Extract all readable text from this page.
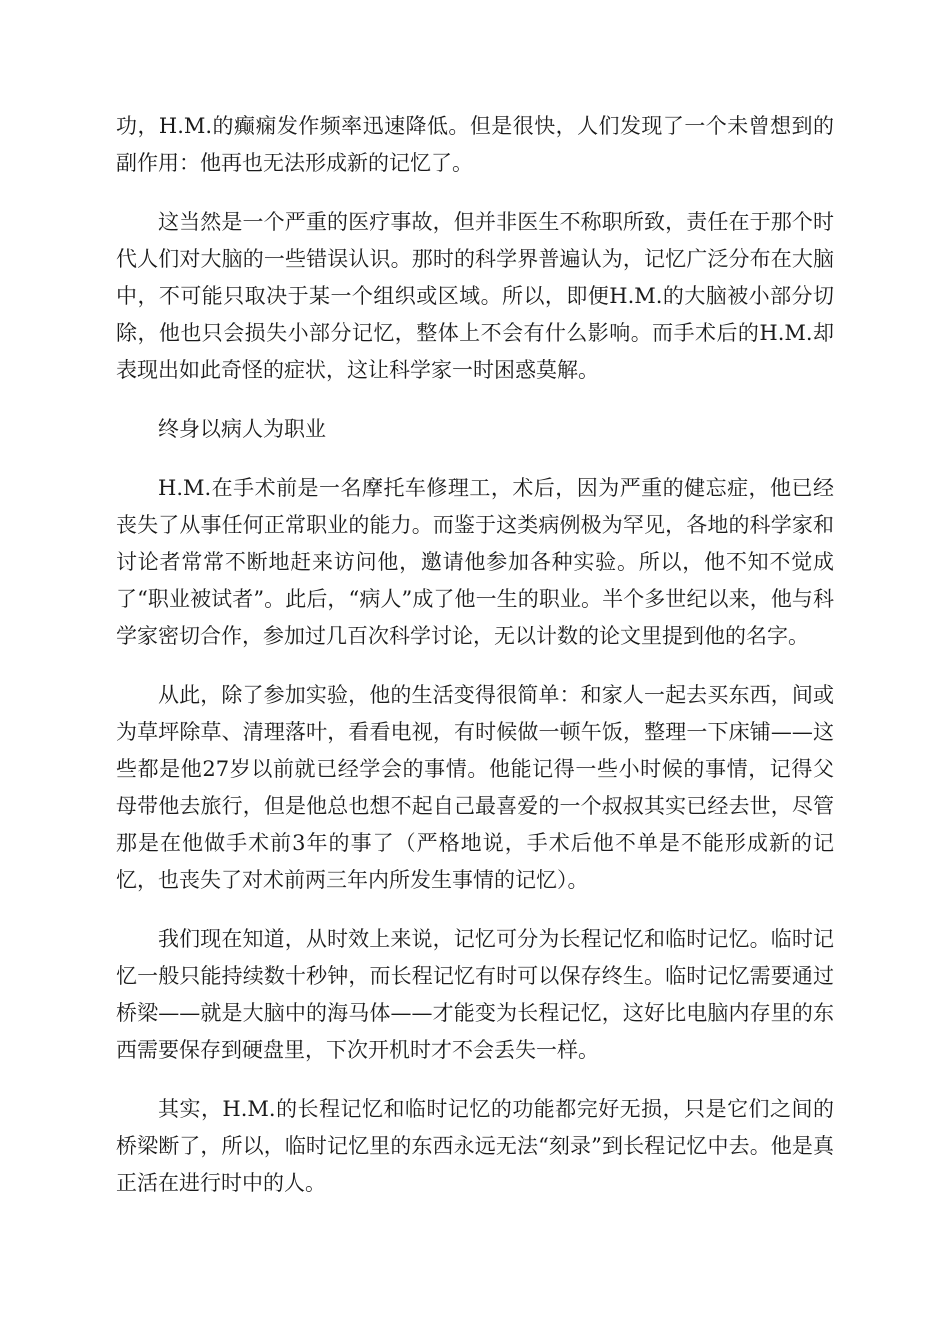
功，H.M.的癫痫发作频率迅速降低。但是很快，人们发现了一个未曾想到的副作用：他再也无法形成新的记忆了。

这当然是一个严重的医疗事故，但并非医生不称职所致，责任在于那个时代人们对大脑的一些错误认识。那时的科学界普遍认为，记忆广泛分布在大脑中，不可能只取决于某一个组织或区域。所以，即便H.M.的大脑被小部分切除，他也只会损失小部分记忆，整体上不会有什么影响。而手术后的H.M.却表现出如此奇怪的症状，这让科学家一时困惑莫解。

终身以病人为职业

H.M.在手术前是一名摩托车修理工，术后，因为严重的健忘症，他已经丧失了从事任何正常职业的能力。而鉴于这类病例极为罕见，各地的科学家和讨论者常常不断地赶来访问他，邀请他参加各种实验。所以，他不知不觉成了“职业被试者”。此后，“病人”成了他一生的职业。半个多世纪以来，他与科学家密切合作，参加过几百次科学讨论，无以计数的论文里提到他的名字。

从此，除了参加实验，他的生活变得很简单：和家人一起去买东西，间或为草坪除草、清理落叶，看看电视，有时候做一顿午饭，整理一下床铺——这些都是他27岁以前就已经学会的事情。他能记得一些小时候的事情，记得父母带他去旅行，但是他总也想不起自己最喜爱的一个叔叔其实已经去世，尽管那是在他做手术前3年的事了（严格地说，手术后他不单是不能形成新的记忆，也丧失了对术前两三年内所发生事情的记忆）。

我们现在知道，从时效上来说，记忆可分为长程记忆和临时记忆。临时记忆一般只能持续数十秒钟，而长程记忆有时可以保存终生。临时记忆需要通过桥梁——就是大脑中的海马体——才能变为长程记忆，这好比电脑内存里的东西需要保存到硬盘里，下次开机时才不会丢失一样。

其实，H.M.的长程记忆和临时记忆的功能都完好无损，只是它们之间的桥梁断了，所以，临时记忆里的东西永远无法“刻录”到长程记忆中去。他是真正活在进行时中的人。
